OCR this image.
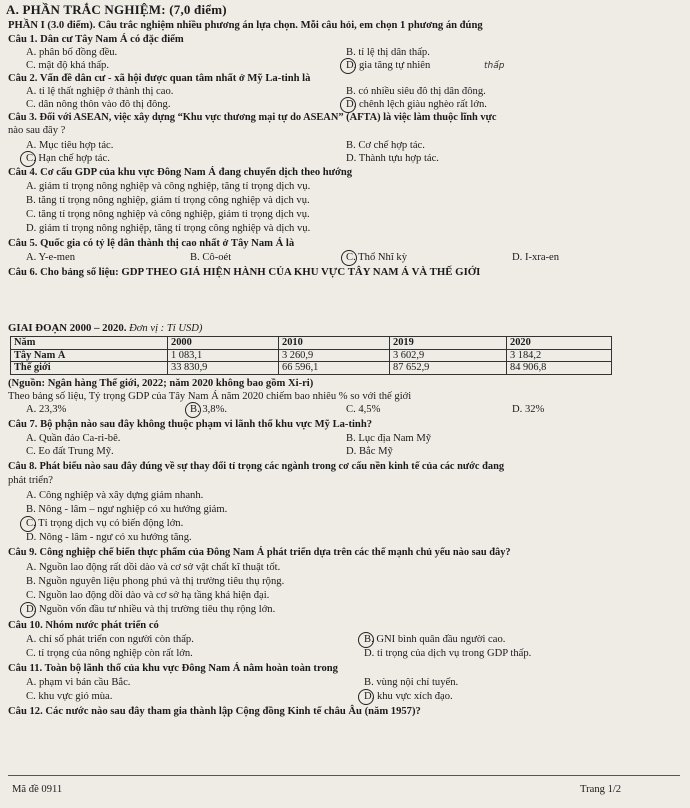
A. PHẦN TRẮC NGHIỆM: (7,0 điểm)
PHẦN I (3.0 điểm). Câu trắc nghiệm nhiều phương án lựa chọn. Mỗi câu hỏi, em chọn 1 phương án đúng
Câu 1. Dân cư Tây Nam Á có đặc điểm
A. phân bố đồng đều.	B. tỉ lệ thị dân thấp.
C. mật độ khá thấp.	D. gia tăng tự nhiên	thấp
Câu 2. Vấn đề dân cư - xã hội được quan tâm nhất ở Mỹ La-tinh là
A. tỉ lệ thất nghiệp ở thành thị cao.	B. có nhiều siêu đô thị dân đông.
C. dân nông thôn vào đô thị đông.	D. chênh lệch giàu nghèo rất lớn.
Câu 3. Đối với ASEAN, việc xây dựng “Khu vực thương mại tự do ASEAN” (AFTA) là việc làm thuộc lĩnh vực
nào sau đây ?
A. Mục tiêu hợp tác.	B. Cơ chế hợp tác.
C. Hạn chế hợp tác.	D. Thành tựu hợp tác.
Câu 4. Cơ cấu GDP của khu vực Đông Nam Á đang chuyển dịch theo hướng
A. giảm tỉ trọng nông nghiệp và công nghiệp, tăng tỉ trọng dịch vụ.
B. tăng tỉ trọng nông nghiệp, giảm tỉ trọng công nghiệp và dịch vụ.
C. tăng tỉ trọng nông nghiệp và công nghiệp, giảm tỉ trọng dịch vụ.
D. giảm tỉ trọng nông nghiệp, tăng tỉ trọng công nghiệp và dịch vụ.
Câu 5. Quốc gia có tỷ lệ dân thành thị cao nhất ở Tây Nam Á là
A. Y-e-men	B. Cô-oét	C. Thổ Nhĩ kỳ	D. I-xra-en
Câu 6. Cho bảng số liệu: GDP THEO GIÁ HIỆN HÀNH CỦA KHU VỰC TÂY NAM Á VÀ THẾ GIỚI
GIAI ĐOẠN 2000 – 2020. Đơn vị : Tỉ USD)
Năm	2000	2010	2019	2020
Tây Nam Á	1 083,1	3 260,9	3 602,9	3 184,2
Thế giới	33 830,9	66 596,1	87 652,9	84 906,8
(Nguồn: Ngân hàng Thế giới, 2022; năm 2020 không bao gồm Xi-ri)
Theo bảng số liệu, Tỷ trọng GDP của Tây Nam Á năm 2020 chiếm bao nhiêu % so với thế giới
A. 23,3%	B. 3,8%.	C. 4,5%	D. 32%
Câu 7. Bộ phận nào sau đây không thuộc phạm vi lãnh thổ khu vực Mỹ La-tinh?
A. Quần đảo Ca-ri-bê.	B. Lục địa Nam Mỹ
C. Eo đất Trung Mỹ.	D. Bắc Mỹ
Câu 8. Phát biểu nào sau đây đúng về sự thay đổi tỉ trọng các ngành trong cơ cấu nền kinh tế của các nước đang
phát triển?
A. Công nghiệp và xây dựng giảm nhanh.
B. Nông - lâm – ngư nghiệp có xu hướng giảm.
C. Tỉ trọng dịch vụ có biến động lớn.
D. Nông - lâm - ngư có xu hướng tăng.
Câu 9. Công nghiệp chế biến thực phẩm của Đông Nam Á phát triển dựa trên các thế mạnh chủ yếu nào sau đây?
A. Nguồn lao động rất dồi dào và cơ sở vật chất kĩ thuật tốt.
B. Nguồn nguyên liệu phong phú và thị trường tiêu thụ rộng.
C. Nguồn lao động dồi dào và cơ sở hạ tầng khá hiện đại.
D. Nguồn vốn đầu tư nhiều và thị trường tiêu thụ rộng lớn.
Câu 10. Nhóm nước phát triển có
A. chỉ số phát triển con người còn thấp.	B. GNI bình quân đầu người cao.
C. tỉ trọng của nông nghiệp còn rất lớn.	D. tỉ trọng của dịch vụ trong GDP thấp.
Câu 11. Toàn bộ lãnh thổ của khu vực Đông Nam Á nằm hoàn toàn trong
A. phạm vi bán cầu Bắc.	B. vùng nội chí tuyến.
C. khu vực gió mùa.	D. khu vực xích đạo.
Câu 12. Các nước nào sau đây tham gia thành lập Cộng đồng Kinh tế châu Âu (năm 1957)?
Mã đề 0911	Trang 1/2
